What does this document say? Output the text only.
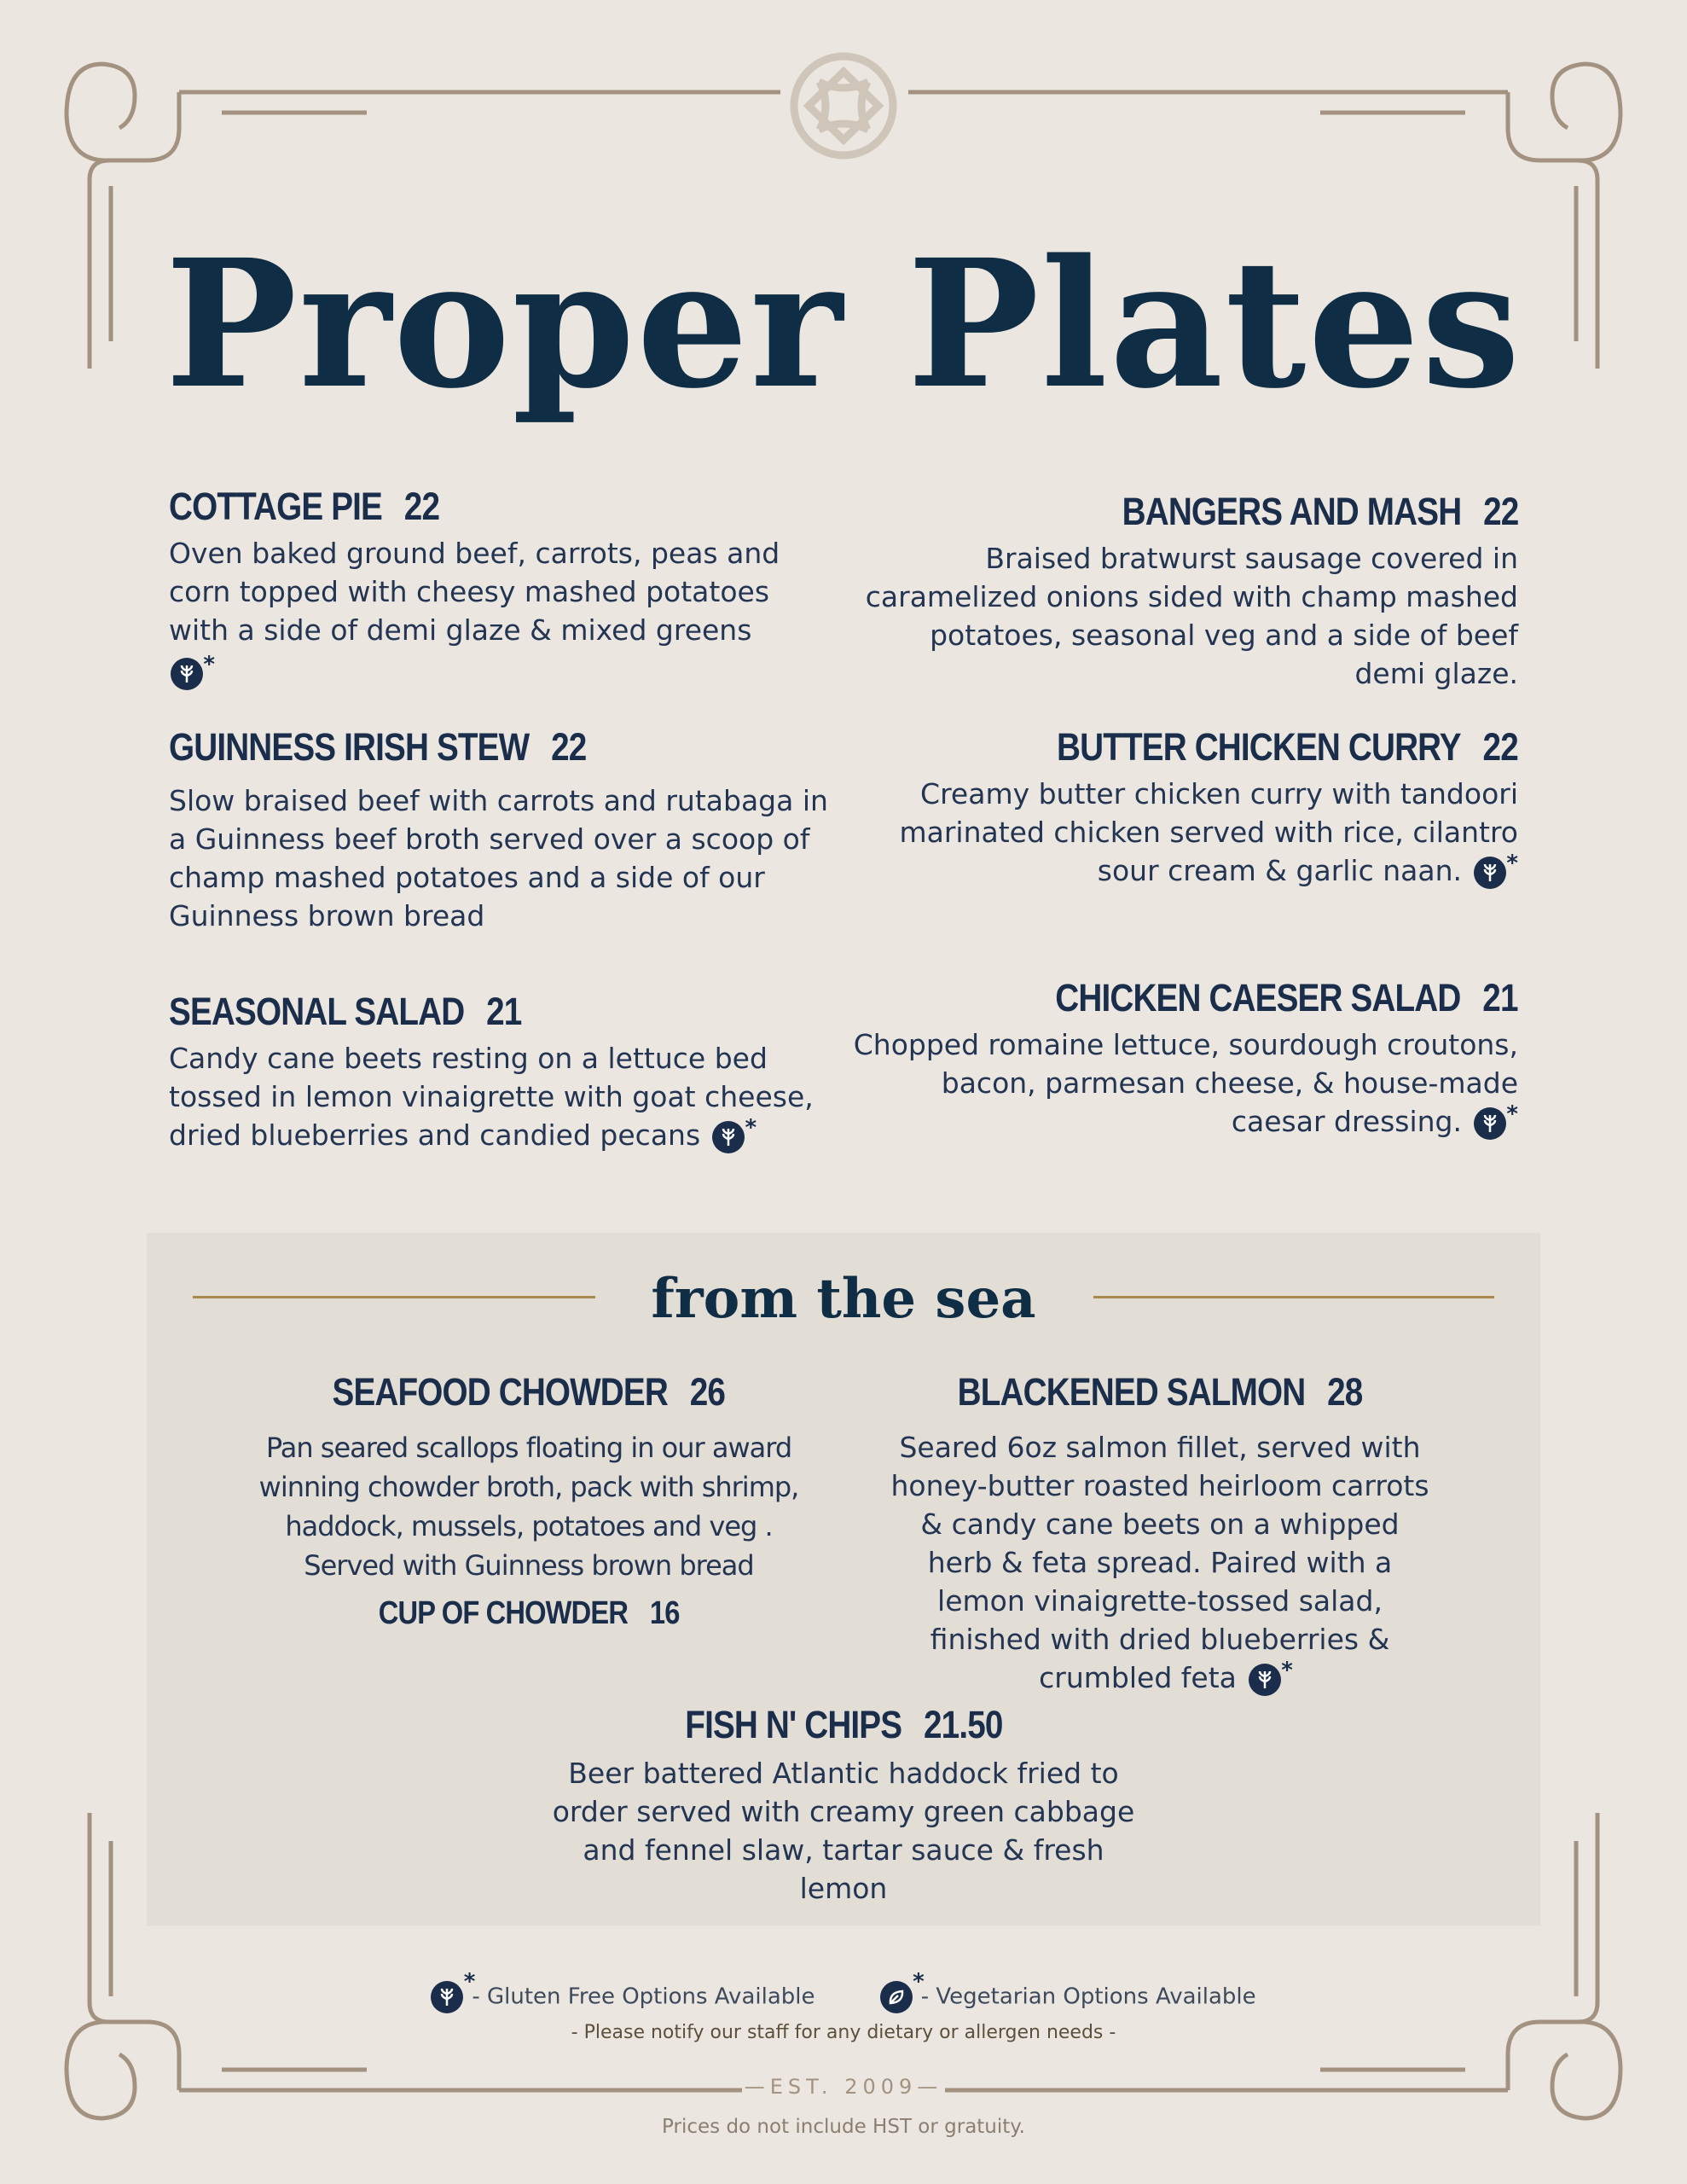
Proper Plates
COTTAGE PIE 22
Oven baked ground beef, carrots, peas and corn topped with cheesy mashed potatoes with a side of demi glaze & mixed greens

*
BANGERS AND MASH 22
Braised bratwurst sausage covered in caramelized onions sided with champ mashed potatoes, seasonal veg and a side of beef demi glaze.
GUINNESS IRISH STEW 22
Slow braised beef with carrots and rutabaga in a Guinness beef broth served over a scoop of champ mashed potatoes and a side of our Guinness brown bread
BUTTER CHICKEN CURRY 22
Creamy butter chicken curry with tandoori marinated chicken served with rice, cilantro sour cream & garlic naan.
*
SEASONAL SALAD 21
Candy cane beets resting on a lettuce bed tossed in lemon vinaigrette with goat cheese, dried blueberries and candied pecans
*
CHICKEN CAESER SALAD 21
Chopped romaine lettuce, sourdough croutons, bacon, parmesan cheese, & house-made caesar dressing.
*
from the sea
SEAFOOD CHOWDER 26
Pan seared scallops floating in our award winning chowder broth, pack with shrimp, haddock, mussels, potatoes and veg . Served with Guinness brown bread
CUP OF CHOWDER 16
BLACKENED SALMON 28
Seared 6oz salmon fillet, served with honey-butter roasted heirloom carrots & candy cane beets on a whipped herb & feta spread. Paired with a lemon vinaigrette-tossed salad, finished with dried blueberries & crumbled feta
*
FISH N' CHIPS 21.50
Beer battered Atlantic haddock fried to order served with creamy green cabbage and fennel slaw, tartar sauce & fresh lemon
*- Gluten Free Options Available
*	- Vegetarian Options Available
- Please notify our staff for any dietary or allergen needs -
—EST. 2009—
Prices do not include HST or gratuity.
